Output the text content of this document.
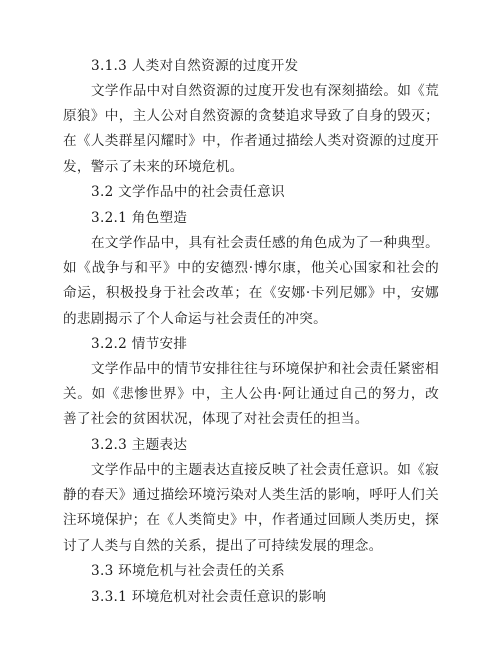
3.1.3 人类对自然资源的过度开发

文学作品中对自然资源的过度开发也有深刻描绘。如《荒原狼》中，主人公对自然资源的贪婪追求导致了自身的毁灭；在《人类群星闪耀时》中，作者通过描绘人类对资源的过度开发，警示了未来的环境危机。

3.2 文学作品中的社会责任意识

3.2.1 角色塑造

在文学作品中，具有社会责任感的角色成为了一种典型。如《战争与和平》中的安德烈·博尔康，他关心国家和社会的命运，积极投身于社会改革；在《安娜·卡列尼娜》中，安娜的悲剧揭示了个人命运与社会责任的冲突。

3.2.2 情节安排

文学作品中的情节安排往往与环境保护和社会责任紧密相关。如《悲惨世界》中，主人公冉·阿让通过自己的努力，改善了社会的贫困状况，体现了对社会责任的担当。

3.2.3 主题表达

文学作品中的主题表达直接反映了社会责任意识。如《寂静的春天》通过描绘环境污染对人类生活的影响，呼吁人们关注环境保护；在《人类简史》中，作者通过回顾人类历史，探讨了人类与自然的关系，提出了可持续发展的理念。

3.3 环境危机与社会责任的关系

3.3.1 环境危机对社会责任意识的影响
